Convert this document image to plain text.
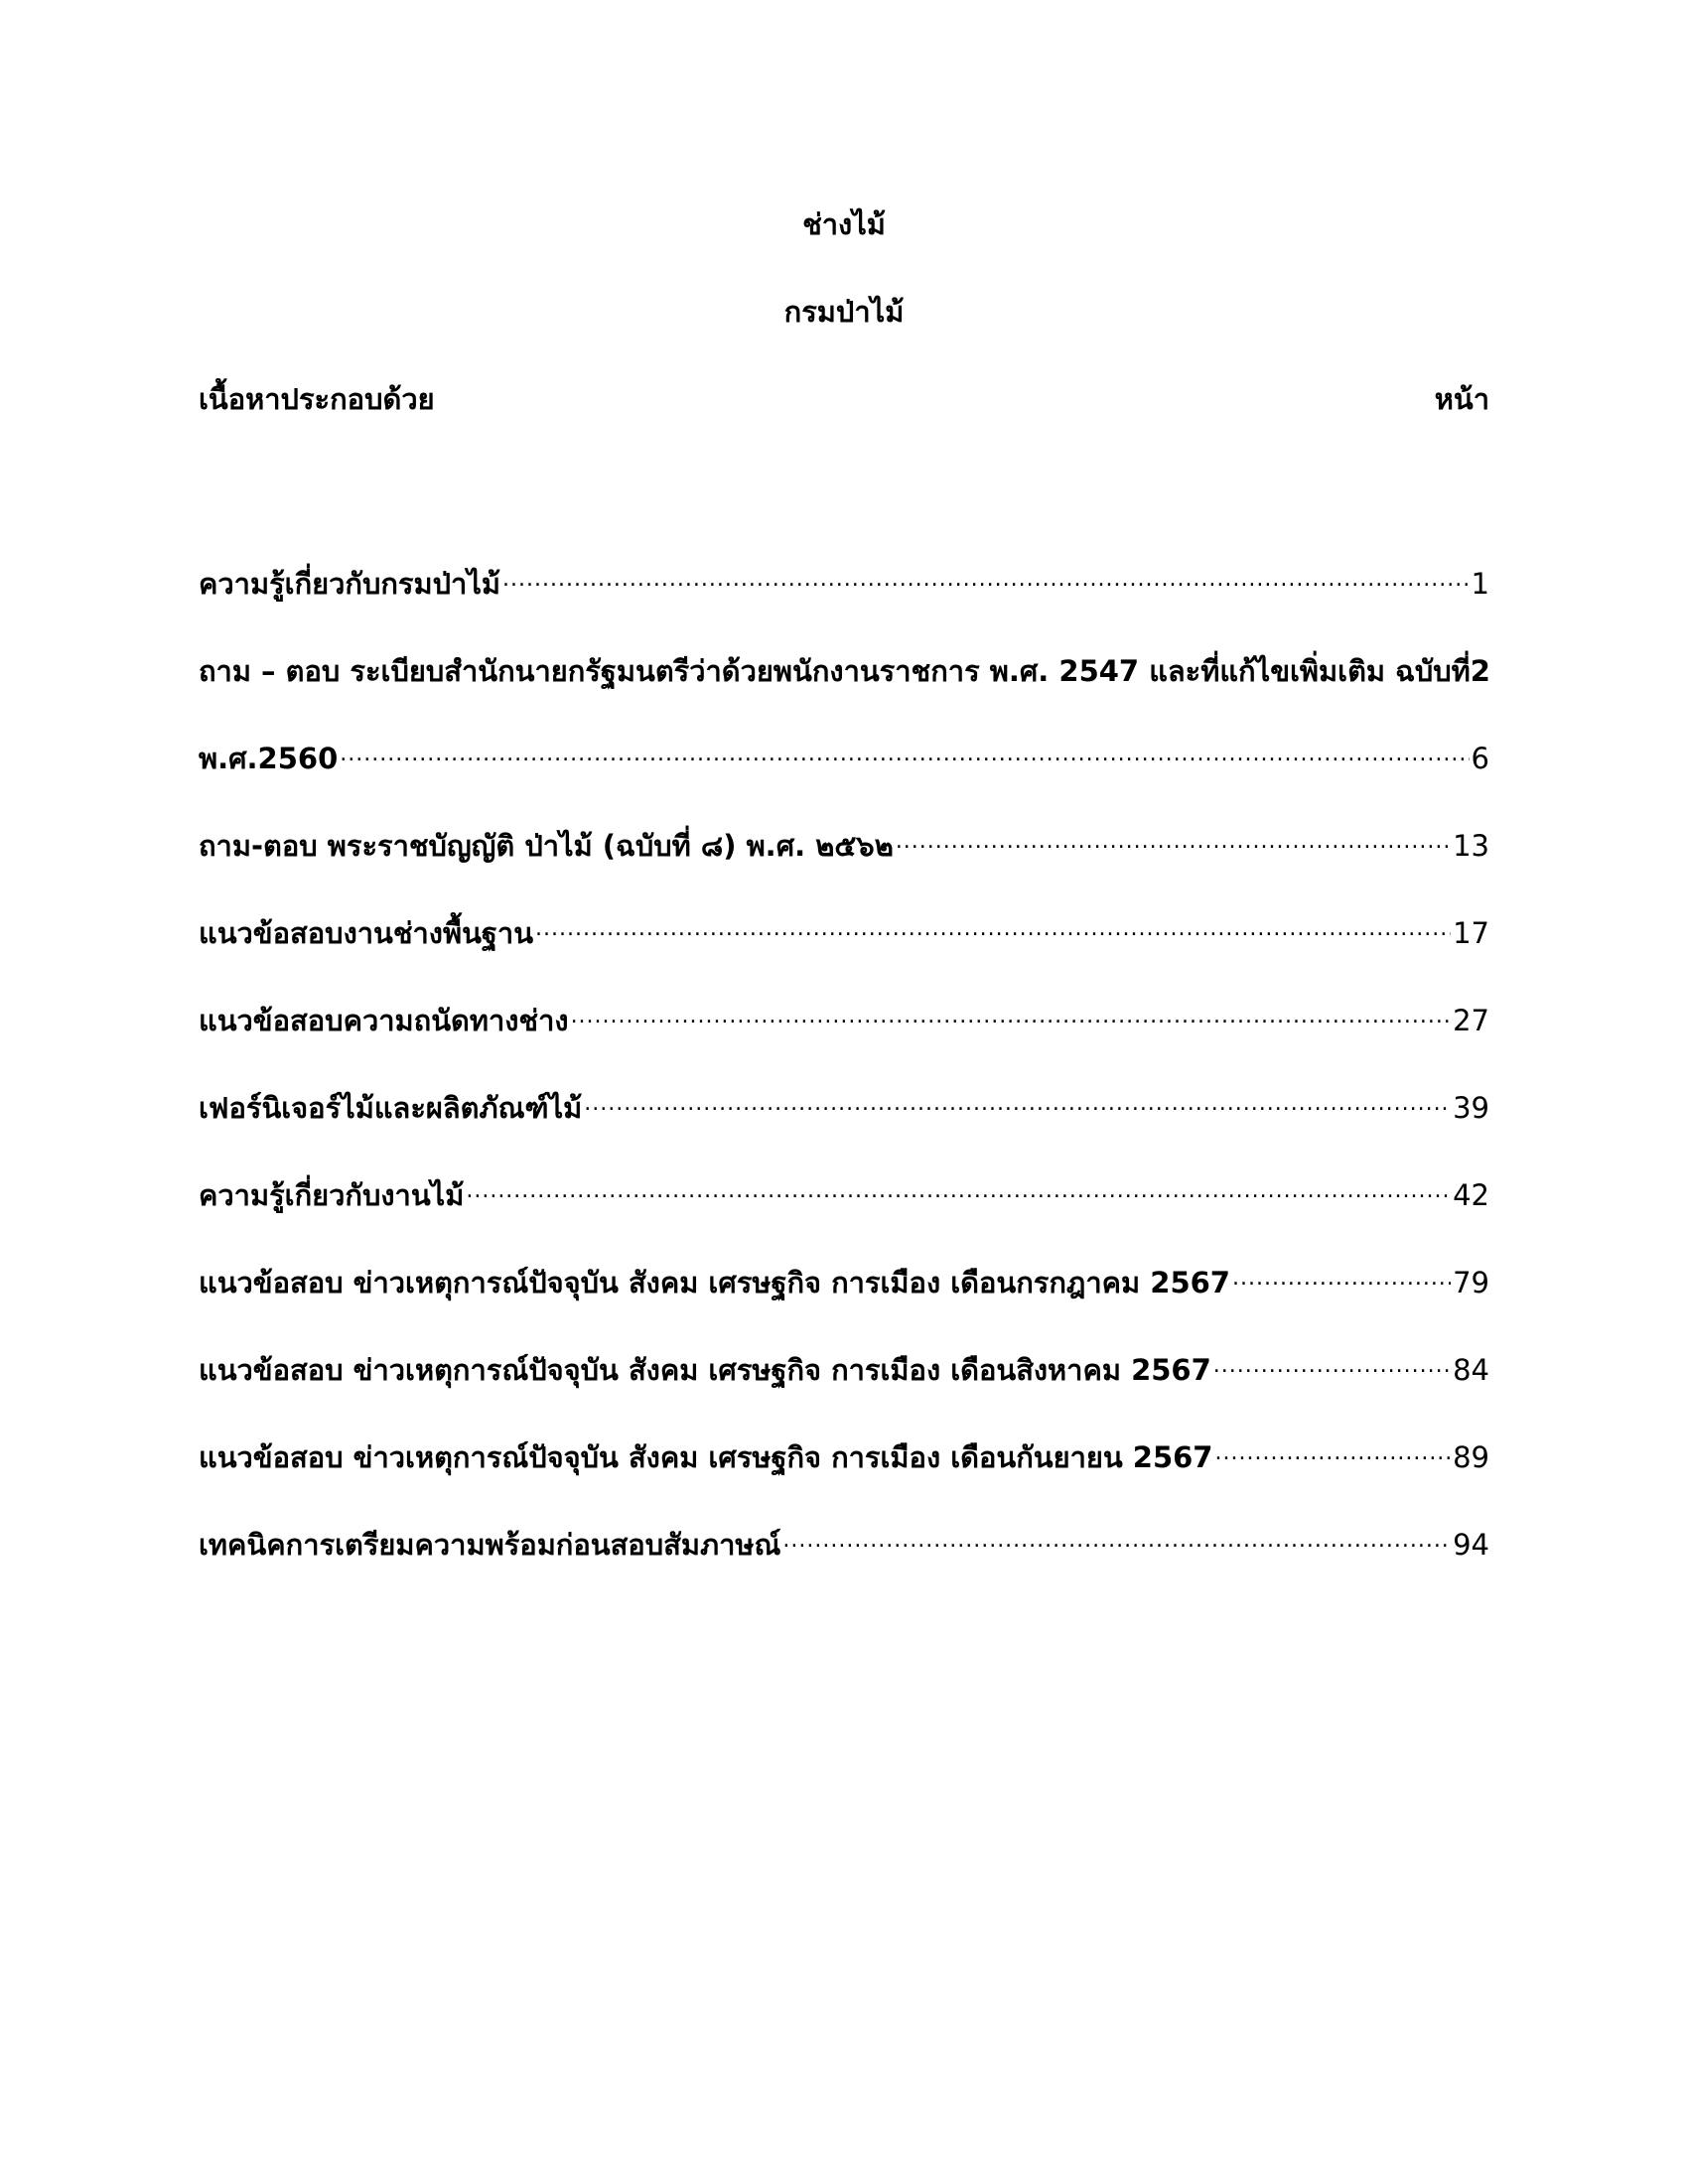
ช่างไม้
กรมป่าไม้
เนื้อหาประกอบด้วย	หน้า
ความรู้เกี่ยวกับกรมป่าไม้ .....	1
ถาม – ตอบ ระเบียบสำนักนายกรัฐมนตรีว่าด้วยพนักงานราชการ พ.ศ. 2547 และที่แก้ไขเพิ่มเติม ฉบับที่2
พ.ศ.2560 .....	6
ถาม-ตอบ พระราชบัญญัติ ป่าไม้ (ฉบับที่ ๘) พ.ศ. ๒๕๖๒ .....	13
แนวข้อสอบงานช่างพื้นฐาน .....	17
แนวข้อสอบความถนัดทางช่าง .....	27
เฟอร์นิเจอร์ไม้และผลิตภัณฑ์ไม้ .....	39
ความรู้เกี่ยวกับงานไม้ .....	42
แนวข้อสอบ ข่าวเหตุการณ์ปัจจุบัน สังคม เศรษฐกิจ การเมือง เดือนกรกฎาคม 2567 .....	79
แนวข้อสอบ ข่าวเหตุการณ์ปัจจุบัน สังคม เศรษฐกิจ การเมือง เดือนสิงหาคม 2567 .....	84
แนวข้อสอบ ข่าวเหตุการณ์ปัจจุบัน สังคม เศรษฐกิจ การเมือง เดือนกันยายน 2567 .....	89
เทคนิคการเตรียมความพร้อมก่อนสอบสัมภาษณ์ .....	94
